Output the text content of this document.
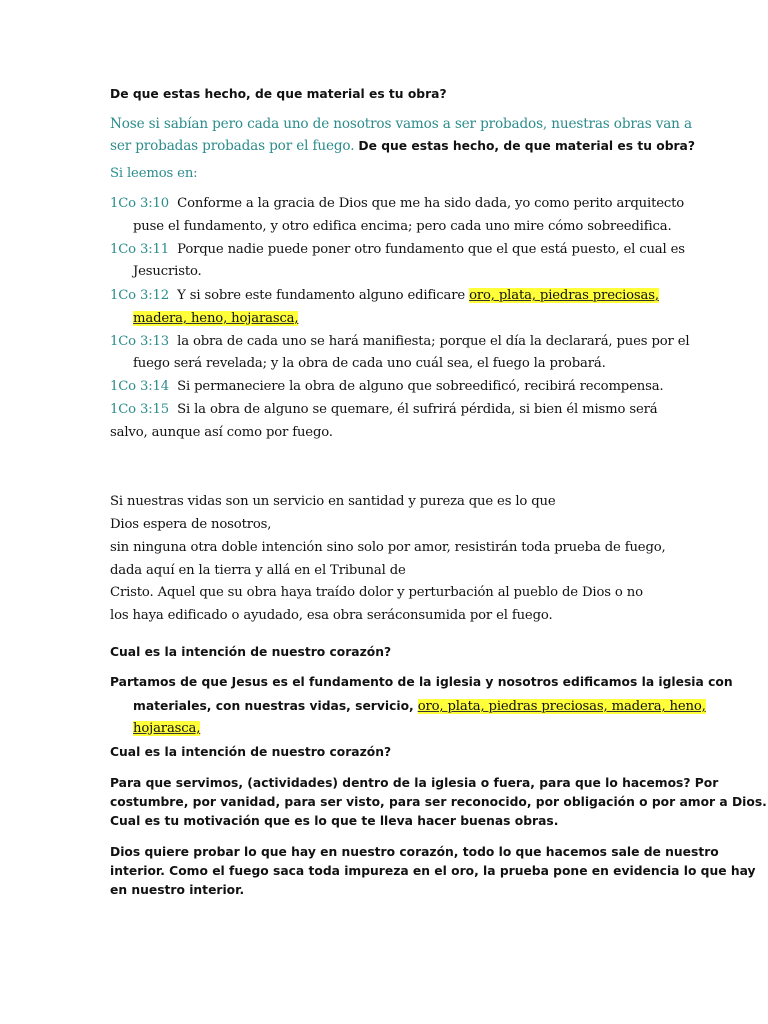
De que estas hecho, de que material es tu obra?
Nose si sabían pero cada uno de nosotros vamos a ser probados, nuestras obras van a
ser probadas probadas por el fuego. De que estas hecho, de que material es tu obra?
Si leemos en:
1Co 3:10 Conforme a la gracia de Dios que me ha sido dada, yo como perito arquitecto
puse el fundamento, y otro edifica encima; pero cada uno mire cómo sobreedifica.
1Co 3:11 Porque nadie puede poner otro fundamento que el que está puesto, el cual es
Jesucristo.
1Co 3:12 Y si sobre este fundamento alguno edificare oro, plata, piedras preciosas,
madera, heno, hojarasca,
1Co 3:13 la obra de cada uno se hará manifiesta; porque el día la declarará, pues por el
fuego será revelada; y la obra de cada uno cuál sea, el fuego la probará.
1Co 3:14 Si permaneciere la obra de alguno que sobreedificó, recibirá recompensa.
1Co 3:15 Si la obra de alguno se quemare, él sufrirá pérdida, si bien él mismo será
salvo, aunque así como por fuego.
Si nuestras vidas son un servicio en santidad y pureza que es lo que
Dios espera de nosotros,
sin ninguna otra doble intención sino solo por amor, resistirán toda prueba de fuego,
dada aquí en la tierra y allá en el Tribunal de
Cristo. Aquel que su obra haya traído dolor y perturbación al pueblo de Dios o no
los haya edificado o ayudado, esa obra seráconsumida por el fuego.
Cual es la intención de nuestro corazón?
Partamos de que Jesus es el fundamento de la iglesia y nosotros edificamos la iglesia con
materiales, con nuestras vidas, servicio, oro, plata, piedras preciosas, madera, heno,
hojarasca,
Cual es la intención de nuestro corazón?
Para que servimos, (actividades) dentro de la iglesia o fuera, para que lo hacemos? Por
costumbre, por vanidad, para ser visto, para ser reconocido, por obligación o por amor a Dios.
Cual es tu motivación que es lo que te lleva hacer buenas obras.
Dios quiere probar lo que hay en nuestro corazón, todo lo que hacemos sale de nuestro
interior. Como el fuego saca toda impureza en el oro, la prueba pone en evidencia lo que hay
en nuestro interior.
